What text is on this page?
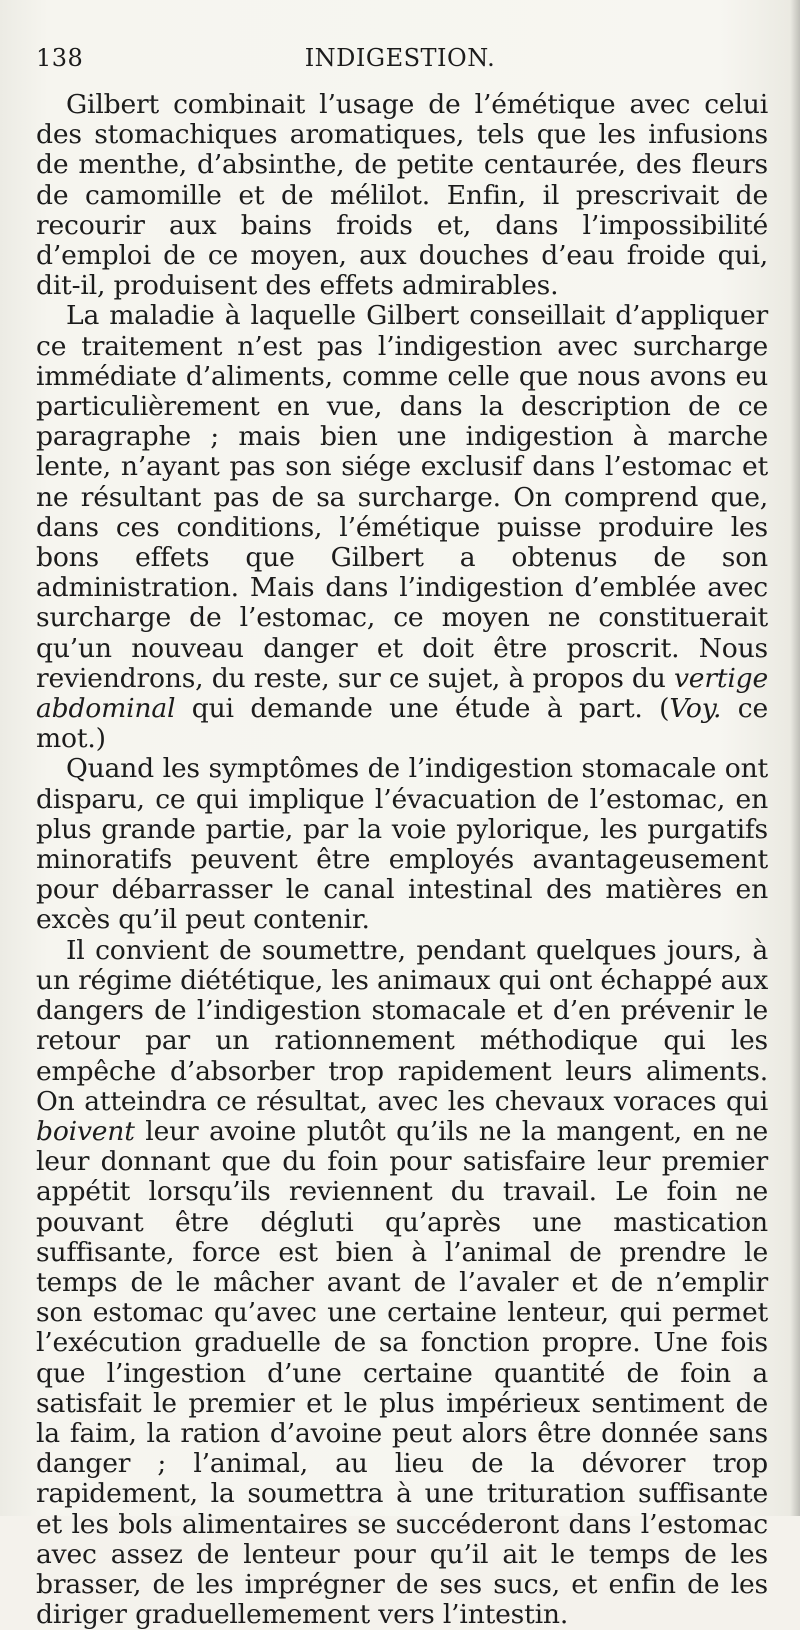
138	INDIGESTION.

Gilbert combinait l’usage de l’émétique avec celui des stomachiques aromatiques, tels que les infusions de menthe, d’absinthe, de petite centaurée, des fleurs de camomille et de mélilot. Enfin, il prescrivait de recourir aux bains froids et, dans l’impossibilité d’emploi de ce moyen, aux douches d’eau froide qui, dit-il, produisent des effets admirables.

La maladie à laquelle Gilbert conseillait d’appliquer ce traitement n’est pas l’indigestion avec surcharge immédiate d’aliments, comme celle que nous avons eu particulièrement en vue, dans la description de ce paragraphe ; mais bien une indigestion à marche lente, n’ayant pas son siége exclusif dans l’estomac et ne résultant pas de sa surcharge. On comprend que, dans ces conditions, l’émétique puisse produire les bons effets que Gilbert a obtenus de son administration. Mais dans l’indigestion d’emblée avec surcharge de l’estomac, ce moyen ne constituerait qu’un nouveau danger et doit être proscrit. Nous reviendrons, du reste, sur ce sujet, à propos du vertige abdominal qui demande une étude à part. (Voy. ce mot.)

Quand les symptômes de l’indigestion stomacale ont disparu, ce qui implique l’évacuation de l’estomac, en plus grande partie, par la voie pylorique, les purgatifs minoratifs peuvent être employés avantageusement pour débarrasser le canal intestinal des matières en excès qu’il peut contenir.

Il convient de soumettre, pendant quelques jours, à un régime diététique, les animaux qui ont échappé aux dangers de l’indigestion stomacale et d’en prévenir le retour par un rationnement méthodique qui les empêche d’absorber trop rapidement leurs aliments. On atteindra ce résultat, avec les chevaux voraces qui boivent leur avoine plutôt qu’ils ne la mangent, en ne leur donnant que du foin pour satisfaire leur premier appétit lorsqu’ils reviennent du travail. Le foin ne pouvant être dégluti qu’après une mastication suffisante, force est bien à l’animal de prendre le temps de le mâcher avant de l’avaler et de n’emplir son estomac qu’avec une certaine lenteur, qui permet l’exécution graduelle de sa fonction propre. Une fois que l’ingestion d’une certaine quantité de foin a satisfait le premier et le plus impérieux sentiment de la faim, la ration d’avoine peut alors être donnée sans danger ; l’animal, au lieu de la dévorer trop rapidement, la soumettra à une trituration suffisante et les bols alimentaires se succéderont dans l’estomac avec assez de lenteur pour qu’il ait le temps de les brasser, de les imprégner de ses sucs, et enfin de les diriger graduellemement vers l’intestin.
